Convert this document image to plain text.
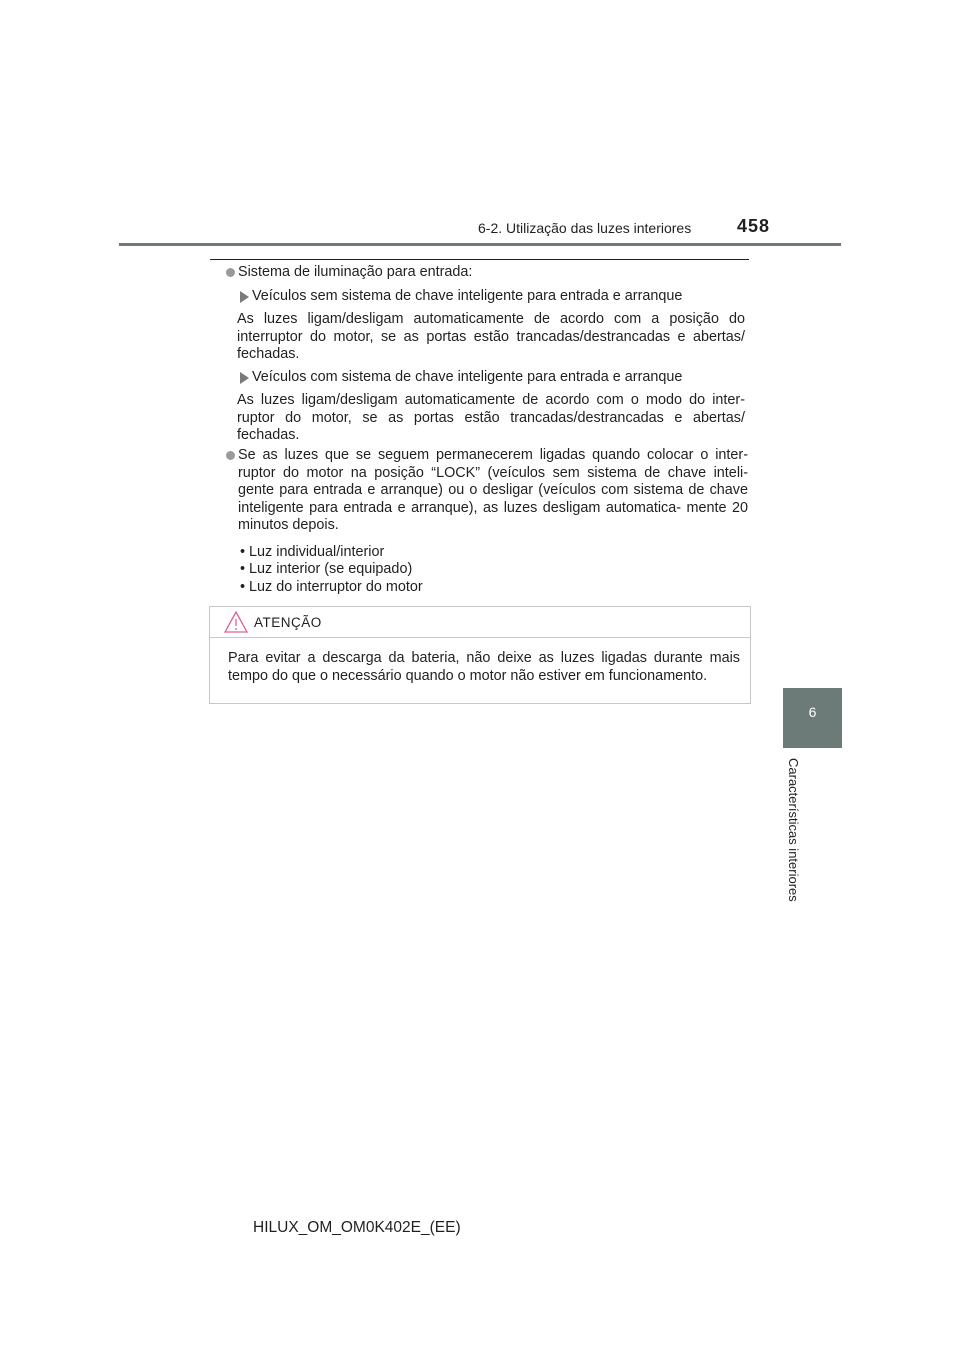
6-2. Utilização das luzes interiores	458
6
Características interiores
Sistema de iluminação para entrada:
Veículos sem sistema de chave inteligente para entrada e arranque
As luzes ligam/desligam automaticamente de acordo com a posição do interruptor do motor, se as portas estão trancadas/destrancadas e abertas/ fechadas.
Veículos com sistema de chave inteligente para entrada e arranque
As luzes ligam/desligam automaticamente de acordo com o modo do inter- ruptor do motor, se as portas estão trancadas/destrancadas e abertas/ fechadas.
Se as luzes que se seguem permanecerem ligadas quando colocar o inter- ruptor do motor na posição “LOCK” (veículos sem sistema de chave inteli- gente para entrada e arranque) ou o desligar (veículos com sistema de chave inteligente para entrada e arranque), as luzes desligam automatica- mente 20 minutos depois.
• Luz individual/interior
• Luz interior (se equipado)
• Luz do interruptor do motor
ATENÇÃO
Para evitar a descarga da bateria, não deixe as luzes ligadas durante mais tempo do que o necessário quando o motor não estiver em funcionamento.
HILUX_OM_OM0K402E_(EE)
